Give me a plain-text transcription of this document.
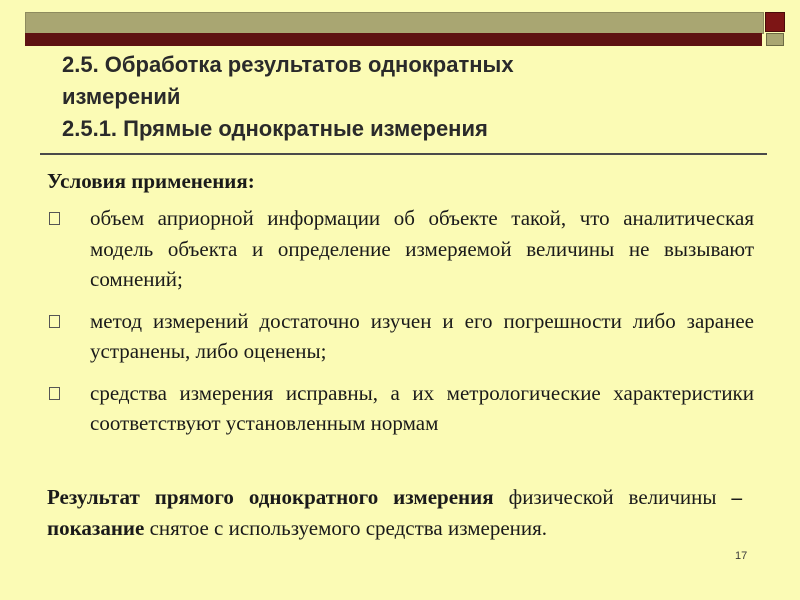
2.5. Обработка результатов однократных
измерений
2.5.1. Прямые однократные измерения

Условия применения:

объем априорной информации об объекте такой, что аналитическая модель объекта и определение измеряемой величины не вызывают сомнений;
метод измерений достаточно изучен и его погрешности либо заранее устранены, либо оценены;
средства измерения исправны, а их метрологические характеристики соответствуют установленным нормам

Результат прямого однократного измерения физической величины – показание снятое с используемого средства измерения.

17
